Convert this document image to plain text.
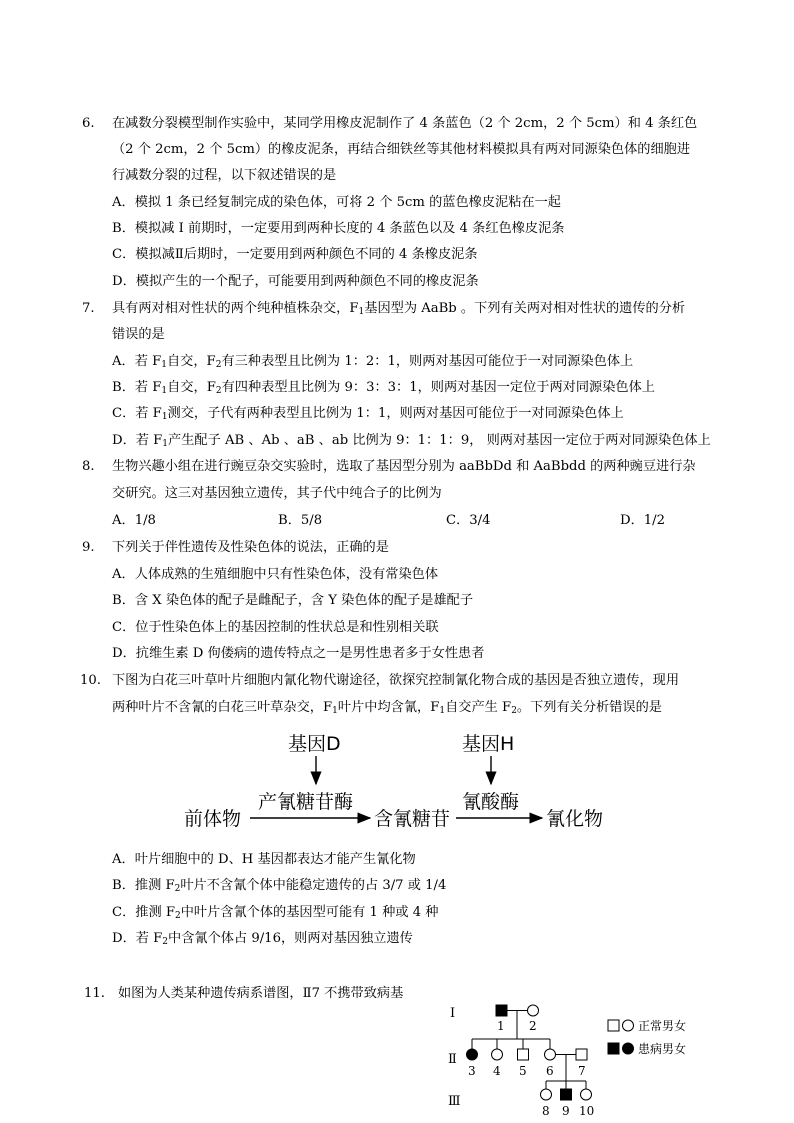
6. 在减数分裂模型制作实验中，某同学用橡皮泥制作了 4 条蓝色（2 个 2cm，2 个 5cm）和 4 条红色
（2 个 2cm，2 个 5cm）的橡皮泥条，再结合细铁丝等其他材料模拟具有两对同源染色体的细胞进
行减数分裂的过程，以下叙述错误的是
A．模拟 1 条已经复制完成的染色体，可将 2 个 5cm 的蓝色橡皮泥粘在一起
B．模拟减 I 前期时，一定要用到两种长度的 4 条蓝色以及 4 条红色橡皮泥条
C．模拟减Ⅱ后期时，一定要用到两种颜色不同的 4 条橡皮泥条
D．模拟产生的一个配子，可能要用到两种颜色不同的橡皮泥条
7. 具有两对相对性状的两个纯种植株杂交，$F_1$基因型为 AaBb 。下列有关两对相对性状的遗传的分析
错误的是
A．若 $F_1$自交，$F_2$有三种表型且比例为 1：2：1，则两对基因可能位于一对同源染色体上
B．若 $F_1$自交，$F_2$有四种表型且比例为 9：3：3：1，则两对基因一定位于两对同源染色体上
C．若 $F_1$测交，子代有两种表型且比例为 1：1，则两对基因可能位于一对同源染色体上
D．若 $F_1$产生配子 AB 、Ab 、aB 、ab 比例为 9：1：1：9， 则两对基因一定位于两对同源染色体上
8. 生物兴趣小组在进行豌豆杂交实验时，选取了基因型分别为 aaBbDd 和 AaBbdd 的两种豌豆进行杂
交研究。这三对基因独立遗传，其子代中纯合子的比例为
A．1/8	B．5/8	C．3/4	D．1/2
9. 下列关于伴性遗传及性染色体的说法，正确的是
A．人体成熟的生殖细胞中只有性染色体，没有常染色体
B．含 X 染色体的配子是雌配子，含 Y 染色体的配子是雄配子
C．位于性染色体上的基因控制的性状总是和性别相关联
D．抗维生素 D 佝偻病的遗传特点之一是男性患者多于女性患者
10. 下图为白花三叶草叶片细胞内氰化物代谢途径，欲探究控制氰化物合成的基因是否独立遗传，现用
两种叶片不含氰的白花三叶草杂交，$F_1$叶片中均含氰，$F_1$自交产生 $F_2$。下列有关分析错误的是
基因D	基因H
产氰糖苷酶	氰酸酶
前体物	含氰糖苷	氰化物
A．叶片细胞中的 D、H 基因都表达才能产生氰化物
B．推测 $F_2$叶片不含氰个体中能稳定遗传的占 3/7 或 1/4
C．推测 $F_2$中叶片含氰个体的基因型可能有 1 种或 4 种
D．若 $F_2$中含氰个体占 9/16，则两对基因独立遗传
11. 如图为人类某种遗传病系谱图，Ⅱ7 不携带致病基
Ⅰ
Ⅱ
Ⅲ
1 2
3 4 5 6 7
8 9 10
正常男女
患病男女
